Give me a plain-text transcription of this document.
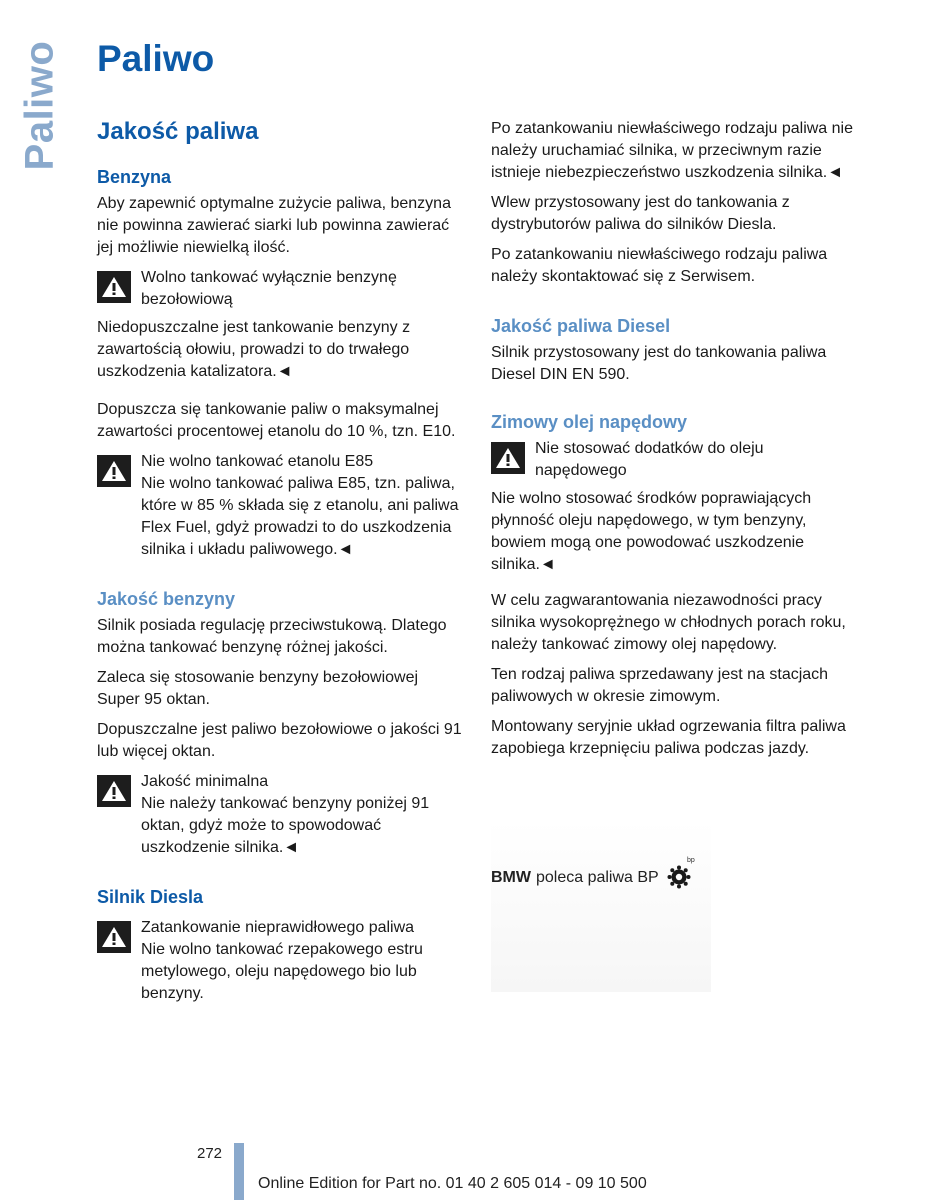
Paliwo Paliwo
Jakość paliwa
Benzyna

Aby zapewnić optymalne zużycie paliwa, benzyna nie powinna zawierać siarki lub powinna zawierać jej możliwie niewielką ilość.

Wolno tankować wyłącznie benzynę bezołowiową

Niedopuszczalne jest tankowanie benzyny z zawartością ołowiu, prowadzi to do trwałego uszkodzenia katalizatora.◄

Dopuszcza się tankowanie paliw o maksymalnej zawartości procentowej etanolu do 10 %, tzn. E10.

Nie wolno tankować etanolu E85

Nie wolno tankować paliwa E85, tzn. paliwa, które w 85 % składa się z etanolu, ani paliwa Flex Fuel, gdyż prowadzi to do uszkodzenia silnika i układu paliwowego.◄

Jakość benzyny

Silnik posiada regulację przeciwstukową. Dlatego można tankować benzynę różnej jakości.

Zaleca się stosowanie benzyny bezołowiowej Super 95 oktan.

Dopuszczalne jest paliwo bezołowiowe o jakości 91 lub więcej oktan.

Jakość minimalna

Nie należy tankować benzyny poniżej 91 oktan, gdyż może to spowodować uszkodzenie silnika.◄

Silnik Diesla

Zatankowanie nieprawidłowego paliwa

Nie wolno tankować rzepakowego estru metylowego, oleju napędowego bio lub benzyny.

Po zatankowaniu niewłaściwego rodzaju paliwa nie należy uruchamiać silnika, w przeciwnym razie istnieje niebezpieczeństwo uszkodzenia silnika.◄

Wlew przystosowany jest do tankowania z dystrybutorów paliwa do silników Diesla.

Po zatankowaniu niewłaściwego rodzaju paliwa należy skontaktować się z Serwisem.

Jakość paliwa Diesel

Silnik przystosowany jest do tankowania paliwa Diesel DIN EN 590.

Zimowy olej napędowy

Nie stosować dodatków do oleju napędowego

Nie wolno stosować środków poprawiających płynność oleju napędowego, w tym benzyny, bowiem mogą one powodować uszkodzenie silnika.◄

W celu zagwarantowania niezawodności pracy silnika wysokoprężnego w chłodnych porach roku, należy tankować zimowy olej napędowy.

Ten rodzaj paliwa sprzedawany jest na stacjach paliwowych w okresie zimowym.

Montowany seryjnie układ ogrzewania filtra paliwa zapobiega krzepnięciu paliwa podczas jazdy.

BMW poleca paliwa BP
bp
272
Online Edition for Part no. 01 40 2 605 014 - 09 10 500
